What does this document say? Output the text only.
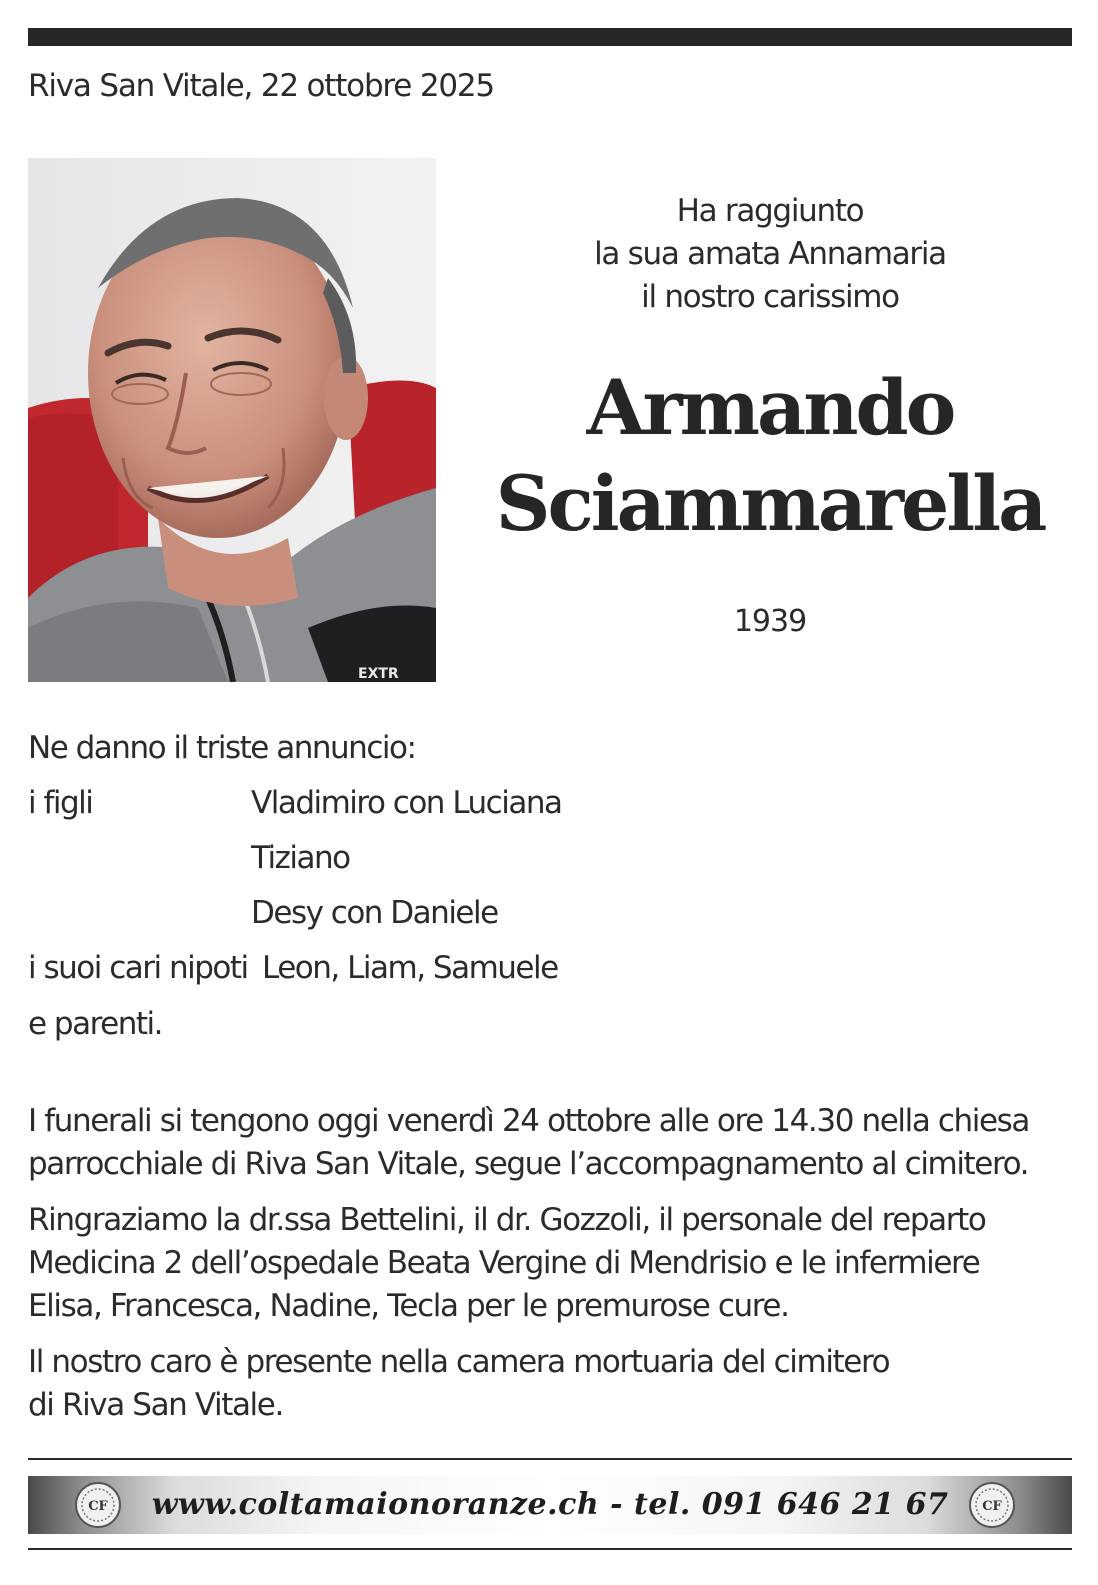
Riva San Vitale, 22 ottobre 2025
EXTR
Ha raggiunto
la sua amata Annamaria
il nostro carissimo
Armando
Sciammarella
1939
Ne danno il triste annuncio:
i figli	Vladimiro con Luciana
Tiziano
Desy con Daniele
i suoi cari nipoti Leon, Liam, Samuele
e parenti.
I funerali si tengono oggi venerdì 24 ottobre alle ore 14.30 nella chiesa
parrocchiale di Riva San Vitale, segue l’accompagnamento al cimitero.
Ringraziamo la dr.ssa Bettelini, il dr. Gozzoli, il personale del reparto
Medicina 2 dell’ospedale Beata Vergine di Mendrisio e le infermiere
Elisa, Francesca, Nadine, Tecla per le premurose cure.
Il nostro caro è presente nella camera mortuaria del cimitero
di Riva San Vitale.
CF	www.coltamaionoranze.ch - tel. 091 646 21 67	CF
